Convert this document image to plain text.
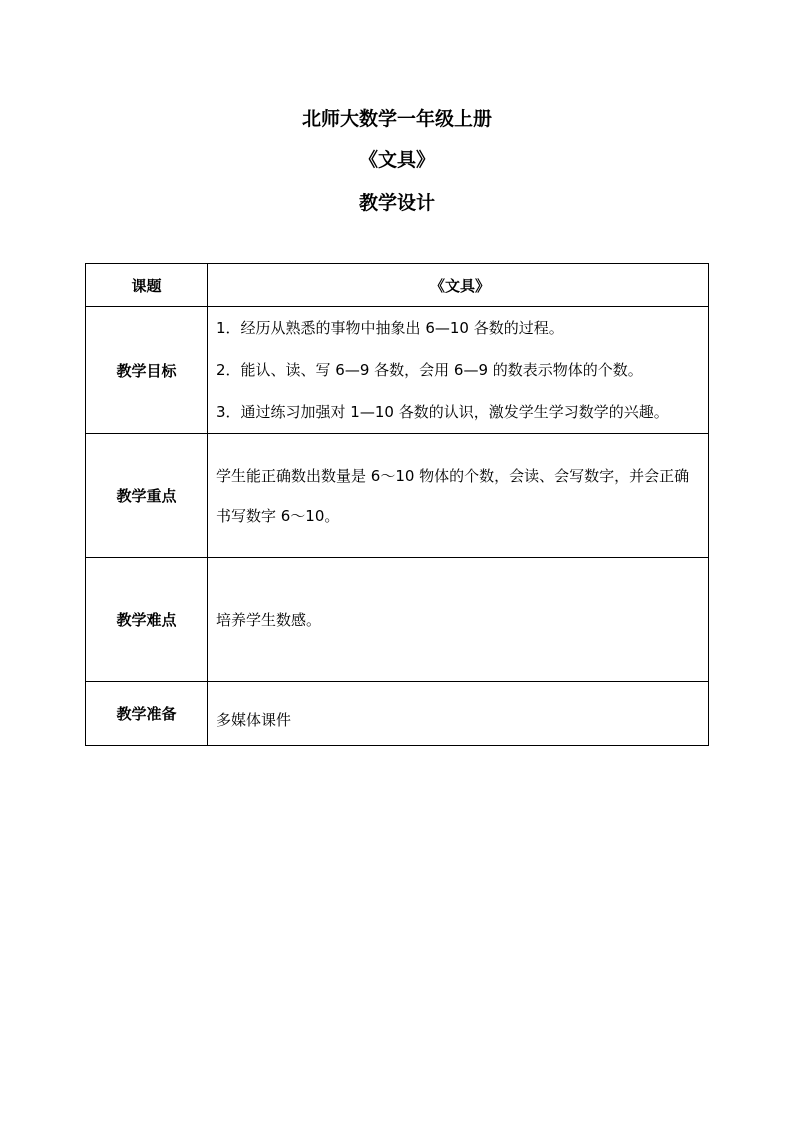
北师大数学一年级上册
《文具》
教学设计
课题	《文具》
教学目标	1．经历从熟悉的事物中抽象出 6—10 各数的过程。
2．能认、读、写 6—9 各数，会用 6—9 的数表示物体的个数。
3．通过练习加强对 1—10 各数的认识，激发学生学习数学的兴趣。

教学重点	学生能正确数出数量是 6～10 物体的个数，会读、会写数字，并会正确书写数字 6～10。

教学难点	培养学生数感。
教学准备	多媒体课件
